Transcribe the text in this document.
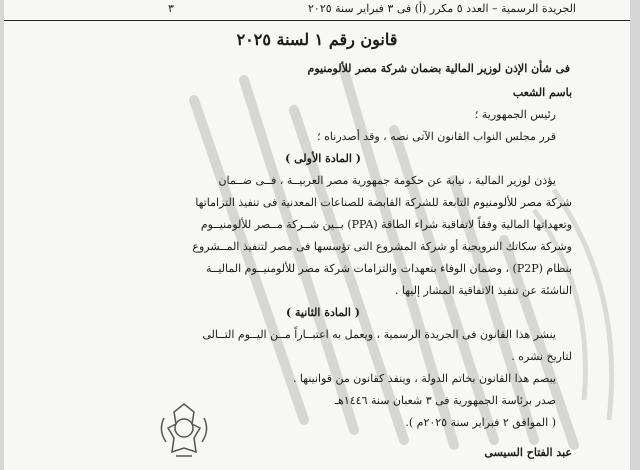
٣	الجريدة الرسمية – العدد ٥ مكرر (أ) فى ٣ فبراير سنة ٢٠٢٥
قانون رقم ١ لسنة ٢٠٢٥
فى شأن الإذن لوزير المالية بضمان شركة مصر للألومنيوم
باسم الشعب
رئيس الجمهورية ؛
قرر مجلس النواب القانون الآتى نصه ، وقد أصدرناه ؛
( المادة الأولى )
يؤذن لوزير المالية ، نيابة عن حكومة جمهورية مصر العربيــة ، فــى ضــمان
شركة مصر للألومنيوم التابعة للشركة القابضة للصناعات المعدنية فى تنفيذ التزاماتها
وتعهداتها المالية وفقاً لاتفاقية شراء الطاقة (PPA) بــين شــركة مــصر للألومنيــوم
وشركة سكاتك النرويجية أو شركة المشروع التى تؤسسها فى مصر لتنفيذ المــشروع
بنظام (P2P) ، وضمان الوفاء بتعهدات والتزامات شركة مصر للألومنيــوم الماليــة
الناشئة عن تنفيذ الاتفاقية المشار إليها .
( المادة الثانية )
ينشر هذا القانون فى الجريدة الرسمية ، ويعمل به اعتبــاراً مــن اليــوم التــالى
لتاريخ نشره .
يبصم هذا القانون بخاتم الدولة ، وينفذ كقانون من قوانينها .
صدر برئاسة الجمهورية فى ٣ شعبان سنة ١٤٤٦هـ
( الموافق ٢ فبراير سنة ٢٠٢٥م ).
عبد الفتاح السيسى
